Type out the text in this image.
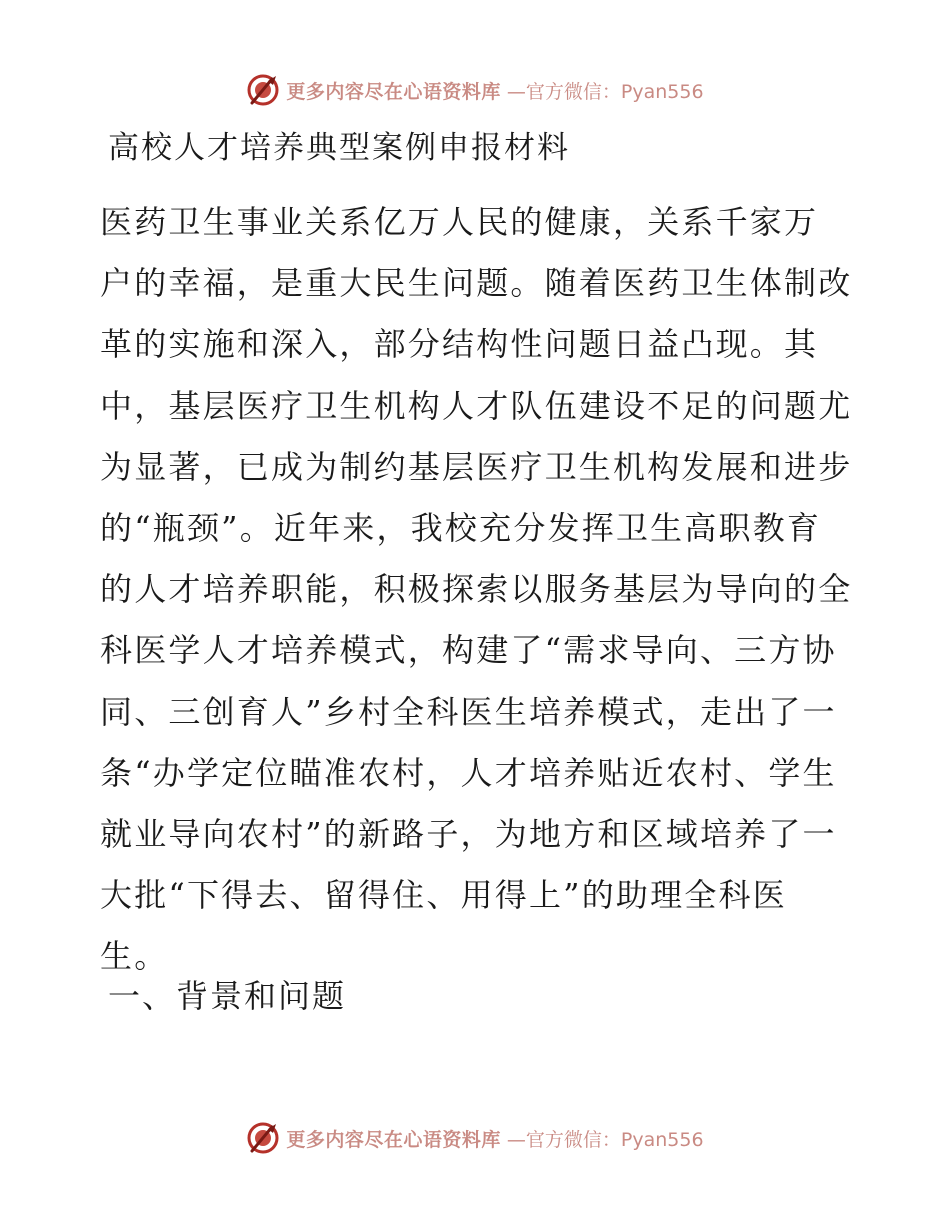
更多内容尽在心语资料库 —官方微信：Pyan556
高校人才培养典型案例申报材料

医药卫生事业关系亿万人民的健康，关系千家万
户的幸福，是重大民生问题。随着医药卫生体制改
革的实施和深入，部分结构性问题日益凸现。其
中，基层医疗卫生机构人才队伍建设不足的问题尤
为显著，已成为制约基层医疗卫生机构发展和进步
的“瓶颈”。近年来，我校充分发挥卫生高职教育
的人才培养职能，积极探索以服务基层为导向的全
科医学人才培养模式，构建了“需求导向、三方协
同、三创育人”乡村全科医生培养模式，走出了一
条“办学定位瞄准农村，人才培养贴近农村、学生
就业导向农村”的新路子，为地方和区域培养了一
大批“下得去、留得住、用得上”的助理全科医
生。

一、背景和问题
更多内容尽在心语资料库 —官方微信：Pyan556
